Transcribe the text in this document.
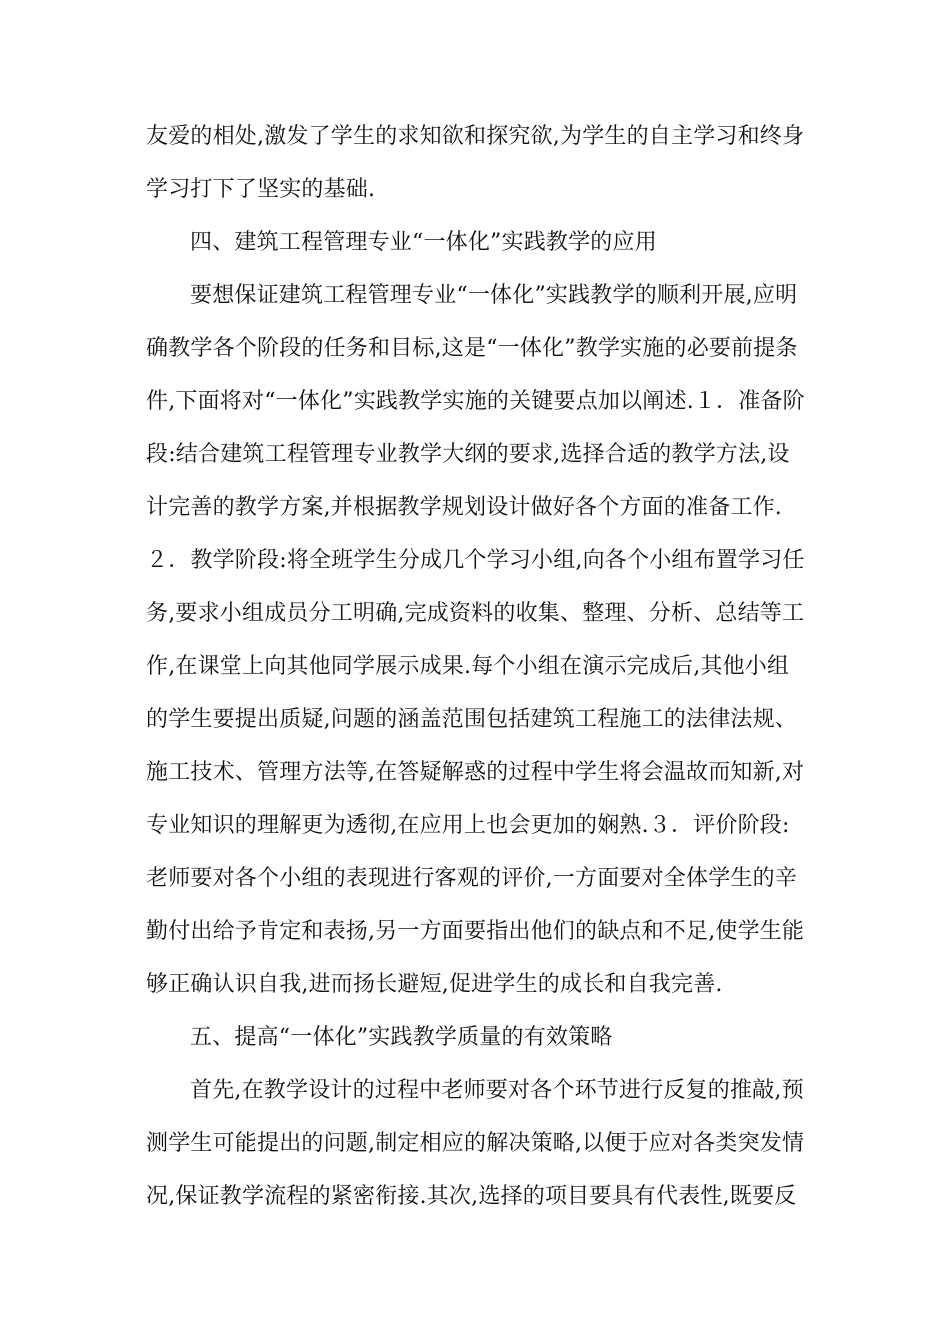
友爱的相处,激发了学生的求知欲和探究欲,为学生的自主学习和终身
学习打下了坚实的基础.
四、建筑工程管理专业“一体化”实践教学的应用
要想保证建筑工程管理专业“一体化”实践教学的顺利开展,应明
确教学各个阶段的任务和目标,这是“一体化”教学实施的必要前提条
件,下面将对“一体化”实践教学实施的关键要点加以阐述.１．准备阶
段:结合建筑工程管理专业教学大纲的要求,选择合适的教学方法,设
计完善的教学方案,并根据教学规划设计做好各个方面的准备工作.
２．教学阶段:将全班学生分成几个学习小组,向各个小组布置学习任
务,要求小组成员分工明确,完成资料的收集、整理、分析、总结等工
作,在课堂上向其他同学展示成果.每个小组在演示完成后,其他小组
的学生要提出质疑,问题的涵盖范围包括建筑工程施工的法律法规、
施工技术、管理方法等,在答疑解惑的过程中学生将会温故而知新,对
专业知识的理解更为透彻,在应用上也会更加的娴熟.３．评价阶段:
老师要对各个小组的表现进行客观的评价,一方面要对全体学生的辛
勤付出给予肯定和表扬,另一方面要指出他们的缺点和不足,使学生能
够正确认识自我,进而扬长避短,促进学生的成长和自我完善.
五、提高“一体化”实践教学质量的有效策略
首先,在教学设计的过程中老师要对各个环节进行反复的推敲,预
测学生可能提出的问题,制定相应的解决策略,以便于应对各类突发情
况,保证教学流程的紧密衔接.其次,选择的项目要具有代表性,既要反
